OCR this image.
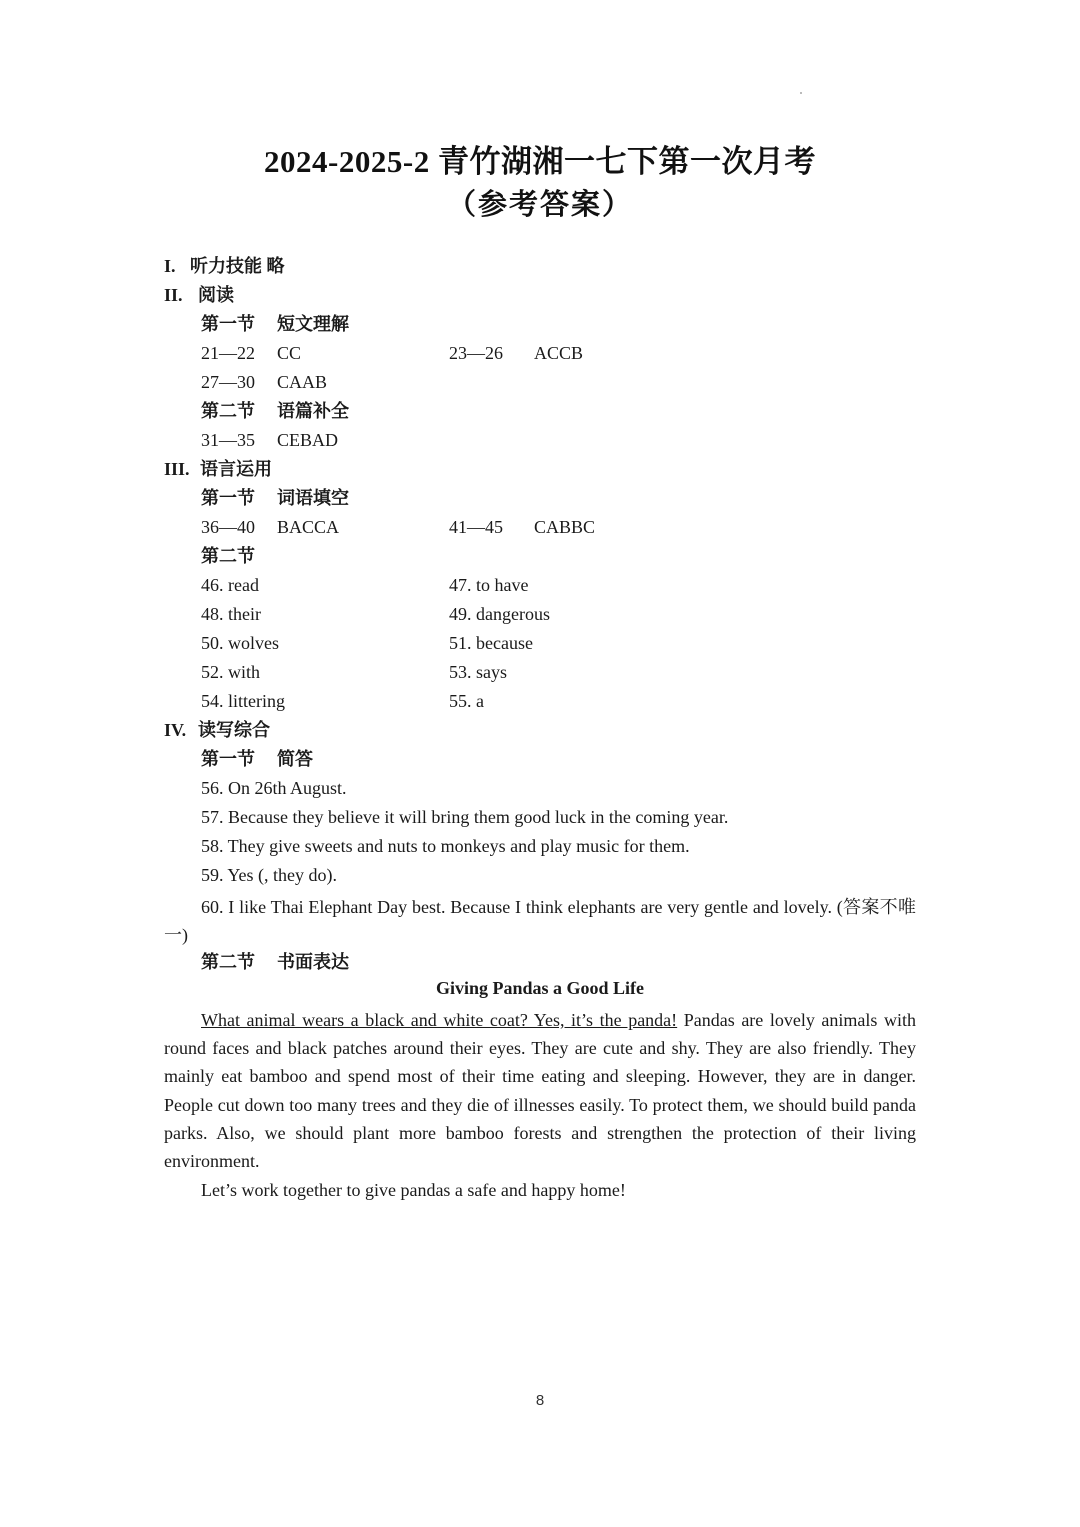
2024-2025-2 青竹湖湘一七下第一次月考
（参考答案）
I. 听力技能 略
II. 阅读
第一节 短文理解
21—22 CC	23—26 ACCB
27—30 CAAB
第二节 语篇补全
31—35 CEBAD
III. 语言运用
第一节 词语填空
36—40 BACCA	41—45 CABBC
第二节
46. read	47. to have
48. their	49. dangerous
50. wolves	51. because
52. with	53. says
54. littering	55. a
IV. 读写综合
第一节 简答
56. On 26th August.
57. Because they believe it will bring them good luck in the coming year.
58. They give sweets and nuts to monkeys and play music for them.
59. Yes (, they do).
60. I like Thai Elephant Day best. Because I think elephants are very gentle and lovely. (答案不唯一)
第二节 书面表达
Giving Pandas a Good Life
What animal wears a black and white coat? Yes, it’s the panda! Pandas are lovely animals with round faces and black patches around their eyes. They are cute and shy. They are also friendly. They mainly eat bamboo and spend most of their time eating and sleeping. However, they are in danger. People cut down too many trees and they die of illnesses easily. To protect them, we should build panda parks. Also, we should plant more bamboo forests and strengthen the protection of their living environment.
Let’s work together to give pandas a safe and happy home!
8
